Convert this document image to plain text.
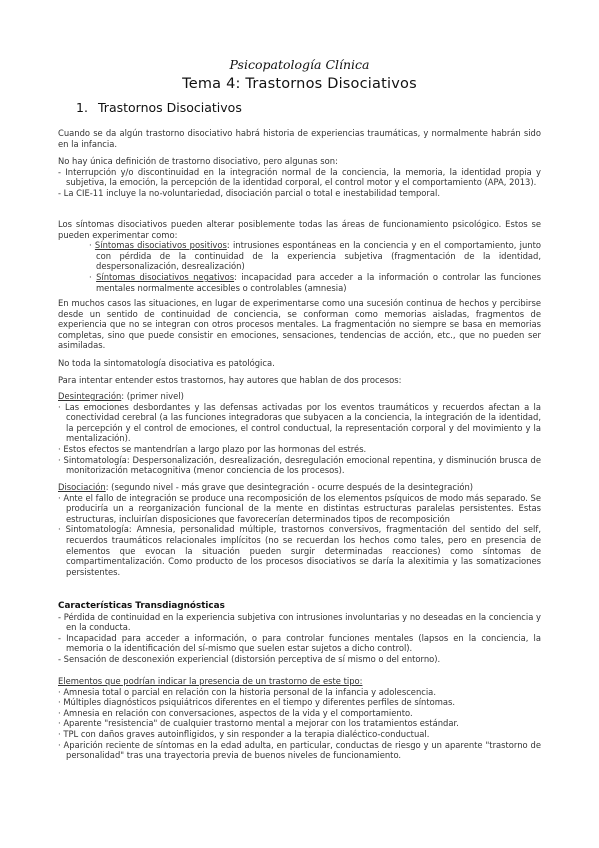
Psicopatología Clínica
Tema 4: Trastornos Disociativos
1. Trastornos Disociativos

Cuando se da algún trastorno disociativo habrá historia de experiencias traumáticas, y normalmente habrán sido en la infancia.

No hay única definición de trastorno disociativo, pero algunas son:

- Interrupción y/o discontinuidad en la integración normal de la conciencia, la memoria, la identidad propia y subjetiva, la emoción, la percepción de la identidad corporal, el control motor y el comportamiento (APA, 2013).
- La CIE-11 incluye la no-voluntariedad, disociación parcial o total e inestabilidad temporal.

Los síntomas disociativos pueden alterar posiblemente todas las áreas de funcionamiento psicológico. Estos se pueden experimentar como:

· Síntomas disociativos positivos: intrusiones espontáneas en la conciencia y en el comportamiento, junto con pérdida de la continuidad de la experiencia subjetiva (fragmentación de la identidad, despersonalización, desrealización)
· Síntomas disociativos negativos: incapacidad para acceder a la información o controlar las funciones mentales normalmente accesibles o controlables (amnesia)

En muchos casos las situaciones, en lugar de experimentarse como una sucesión continua de hechos y percibirse desde un sentido de continuidad de conciencia, se conforman como memorias aisladas, fragmentos de experiencia que no se integran con otros procesos mentales. La fragmentación no siempre se basa en memorias completas, sino que puede consistir en emociones, sensaciones, tendencias de acción, etc., que no pueden ser asimiladas.

No toda la sintomatología disociativa es patológica.

Para intentar entender estos trastornos, hay autores que hablan de dos procesos:

Desintegración: (primer nivel)

· Las emociones desbordantes y las defensas activadas por los eventos traumáticos y recuerdos afectan a la conectividad cerebral (a las funciones integradoras que subyacen a la conciencia, la integración de la identidad, la percepción y el control de emociones, el control conductual, la representación corporal y del movimiento y la mentalización).
· Estos efectos se mantendrían a largo plazo por las hormonas del estrés.
· Sintomatología: Despersonalización, desrealización, desregulación emocional repentina, y disminución brusca de monitorización metacognitiva (menor conciencia de los procesos).

Disociación: (segundo nivel - más grave que desintegración - ocurre después de la desintegración)

· Ante el fallo de integración se produce una recomposición de los elementos psíquicos de modo más separado. Se produciría un a reorganización funcional de la mente en distintas estructuras paralelas persistentes. Estas estructuras, incluirían disposiciones que favorecerían determinados tipos de recomposición
· Sintomatología: Amnesia, personalidad múltiple, trastornos conversivos, fragmentación del sentido del self, recuerdos traumáticos relacionales implícitos (no se recuerdan los hechos como tales, pero en presencia de elementos que evocan la situación pueden surgir determinadas reacciones) como síntomas de compartimentalización. Como producto de los procesos disociativos se daría la alexitimia y las somatizaciones persistentes.

Características Transdiagnósticas

- Pérdida de continuidad en la experiencia subjetiva con intrusiones involuntarias y no deseadas en la conciencia y en la conducta.
- Incapacidad para acceder a información, o para controlar funciones mentales (lapsos en la conciencia, la memoria o la identificación del sí-mismo que suelen estar sujetos a dicho control).
- Sensación de desconexión experiencial (distorsión perceptiva de sí mismo o del entorno).

Elementos que podrían indicar la presencia de un trastorno de este tipo:

· Amnesia total o parcial en relación con la historia personal de la infancia y adolescencia.
· Múltiples diagnósticos psiquiátricos diferentes en el tiempo y diferentes perfiles de síntomas.
· Amnesia en relación con conversaciones, aspectos de la vida y el comportamiento.
· Aparente "resistencia" de cualquier trastorno mental a mejorar con los tratamientos estándar.
· TPL con daños graves autoinfligidos, y sin responder a la terapia dialéctico-conductual.
· Aparición reciente de síntomas en la edad adulta, en particular, conductas de riesgo y un aparente "trastorno de personalidad" tras una trayectoria previa de buenos niveles de funcionamiento.
